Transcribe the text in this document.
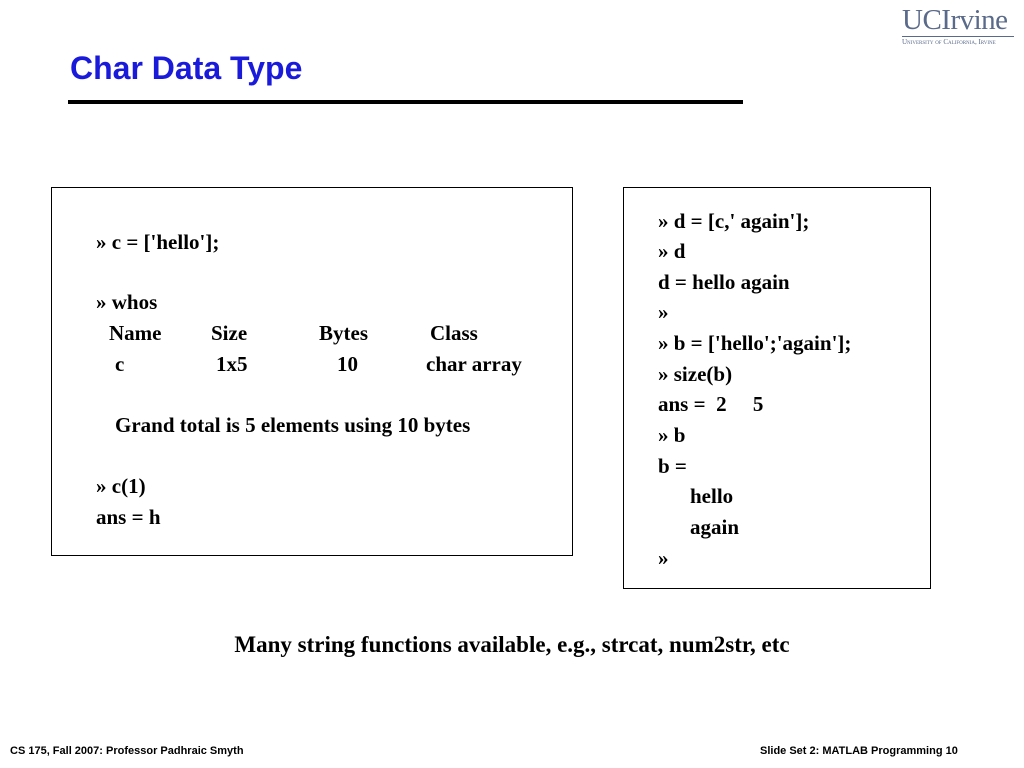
Char Data Type
UCIrvine
University of California, Irvine
» c = ['hello'];
» whos
Name Size	Bytes	Class
c	1x5	10	char array
Grand total is 5 elements using 10 bytes
» c(1)
ans = h
» d = [c,' again'];
» d
d = hello again
»
» b = ['hello';'again'];
» size(b)
ans =  2     5
» b
b =
hello
again
»
Many string functions available, e.g., strcat, num2str, etc
CS 175, Fall 2007: Professor Padhraic Smyth	Slide Set 2: MATLAB Programming 10
